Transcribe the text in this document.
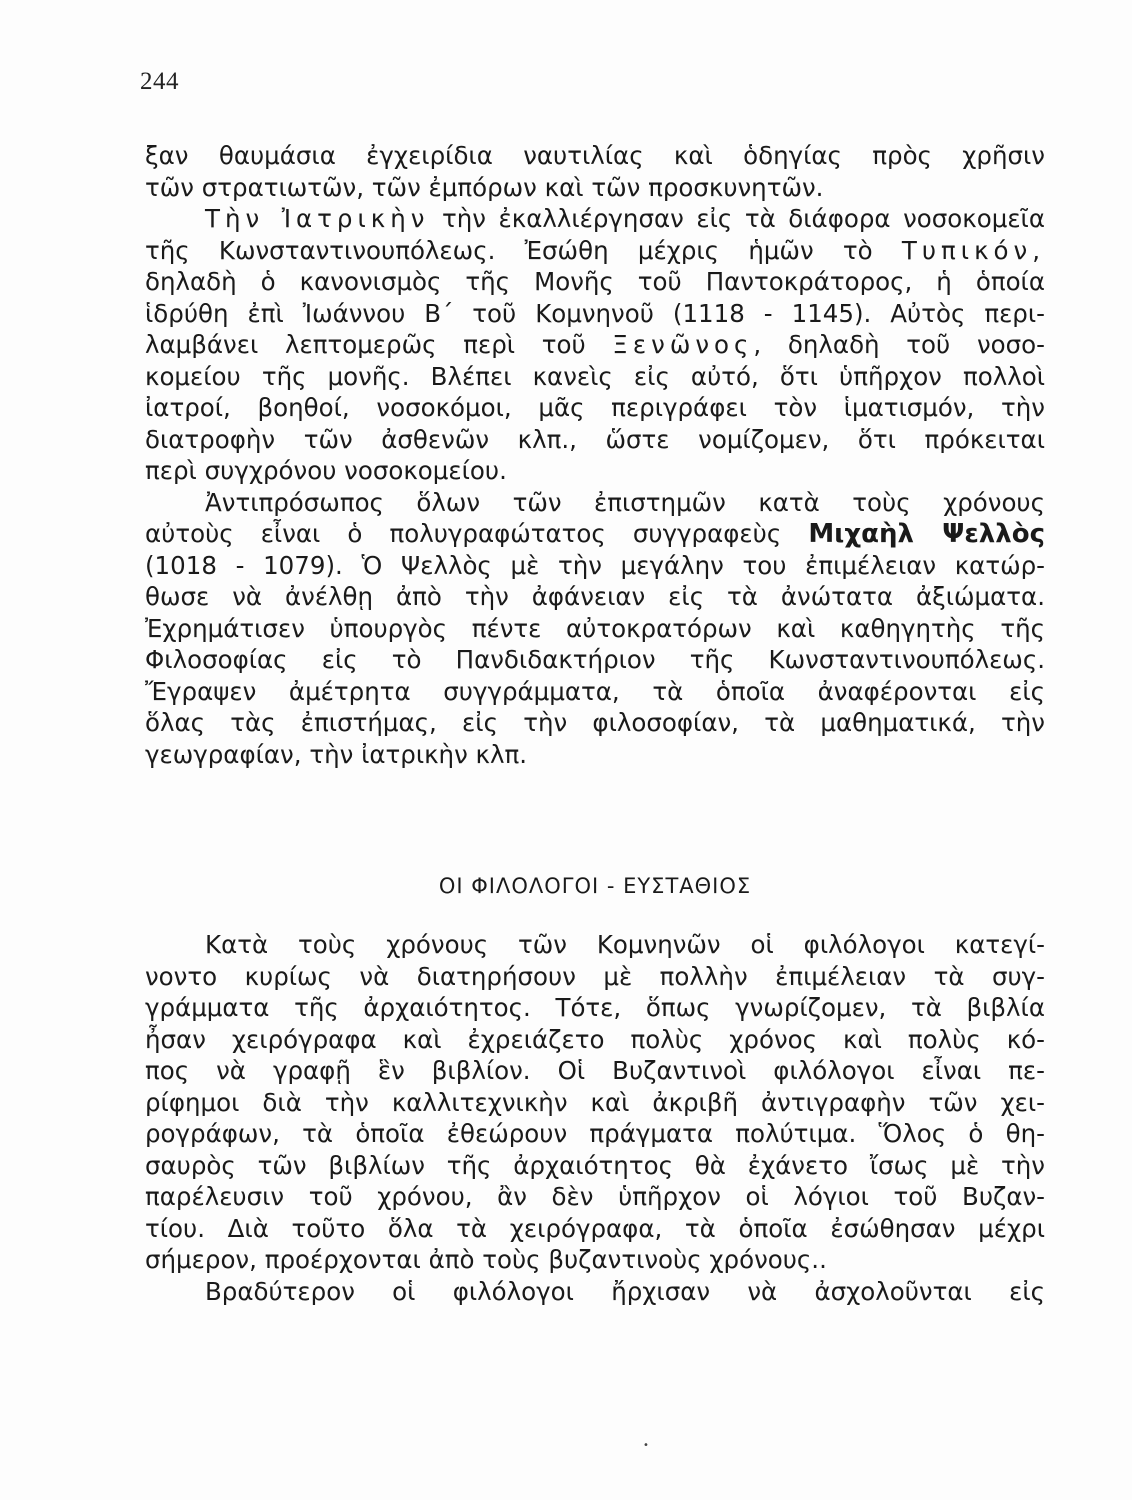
244
ξαν θαυμάσια ἐγχειρίδια ναυτιλίας καὶ ὁδηγίας πρὸς χρῆσιν
τῶν στρατιωτῶν, τῶν ἐμπόρων καὶ τῶν προσκυνητῶν.
Τὴν Ἰατρικὴν τὴν ἐκαλλιέργησαν εἰς τὰ διάφορα νοσοκομεῖα
τῆς Κωνσταντινουπόλεως. Ἐσώθη μέχρις ἡμῶν τὸ Τυπικόν,
δηλαδὴ ὁ κανονισμὸς τῆς Μονῆς τοῦ Παντοκράτορος, ἡ ὁποία
ἱδρύθη ἐπὶ Ἰωάννου Β΄ τοῦ Κομνηνοῦ (1118 - 1145). Αὐτὸς περι-
λαμβάνει λεπτομερῶς περὶ τοῦ Ξενῶνος, δηλαδὴ τοῦ νοσο-
κομείου τῆς μονῆς. Βλέπει κανεὶς εἰς αὐτό, ὅτι ὑπῆρχον πολλοὶ
ἰατροί, βοηθοί, νοσοκόμοι, μᾶς περιγράφει τὸν ἱματισμόν, τὴν
διατροφὴν τῶν ἀσθενῶν κλπ., ὥστε νομίζομεν, ὅτι πρόκειται
περὶ συγχρόνου νοσοκομείου.
Ἀντιπρόσωπος ὅλων τῶν ἐπιστημῶν κατὰ τοὺς χρόνους
αὐτοὺς εἶναι ὁ πολυγραφώτατος συγγραφεὺς Μιχαὴλ Ψελλὸς
(1018 - 1079). Ὁ Ψελλὸς μὲ τὴν μεγάλην του ἐπιμέλειαν κατώρ-
θωσε νὰ ἀνέλθῃ ἀπὸ τὴν ἀφάνειαν εἰς τὰ ἀνώτατα ἀξιώματα.
Ἐχρημάτισεν ὑπουργὸς πέντε αὐτοκρατόρων καὶ καθηγητὴς τῆς
Φιλοσοφίας εἰς τὸ Πανδιδακτήριον τῆς Κωνσταντινουπόλεως.
Ἔγραψεν ἀμέτρητα συγγράμματα, τὰ ὁποῖα ἀναφέρονται εἰς
ὅλας τὰς ἐπιστήμας, εἰς τὴν φιλοσοφίαν, τὰ μαθηματικά, τὴν
γεωγραφίαν, τὴν ἰατρικὴν κλπ.
ΟΙ ΦΙΛΟΛΟΓΟΙ - ΕΥΣΤΑΘΙΟΣ
Κατὰ τοὺς χρόνους τῶν Κομνηνῶν οἱ φιλόλογοι κατεγί-
νοντο κυρίως νὰ διατηρήσουν μὲ πολλὴν ἐπιμέλειαν τὰ συγ-
γράμματα τῆς ἀρχαιότητος. Τότε, ὅπως γνωρίζομεν, τὰ βιβλία
ἦσαν χειρόγραφα καὶ ἐχρειάζετο πολὺς χρόνος καὶ πολὺς κό-
πος νὰ γραφῇ ἓν βιβλίον. Οἱ Βυζαντινοὶ φιλόλογοι εἶναι πε-
ρίφημοι διὰ τὴν καλλιτεχνικὴν καὶ ἀκριβῆ ἀντιγραφὴν τῶν χει-
ρογράφων, τὰ ὁποῖα ἐθεώρουν πράγματα πολύτιμα. Ὅλος ὁ θη-
σαυρὸς τῶν βιβλίων τῆς ἀρχαιότητος θὰ ἐχάνετο ἴσως μὲ τὴν
παρέλευσιν τοῦ χρόνου, ἂν δὲν ὑπῆρχον οἱ λόγιοι τοῦ Βυζαν-
τίου. Διὰ τοῦτο ὅλα τὰ χειρόγραφα, τὰ ὁποῖα ἐσώθησαν μέχρι
σήμερον, προέρχονται ἀπὸ τοὺς βυζαντινοὺς χρόνους..
Βραδύτερον οἱ φιλόλογοι ἤρχισαν νὰ ἀσχολοῦνται εἰς
•
